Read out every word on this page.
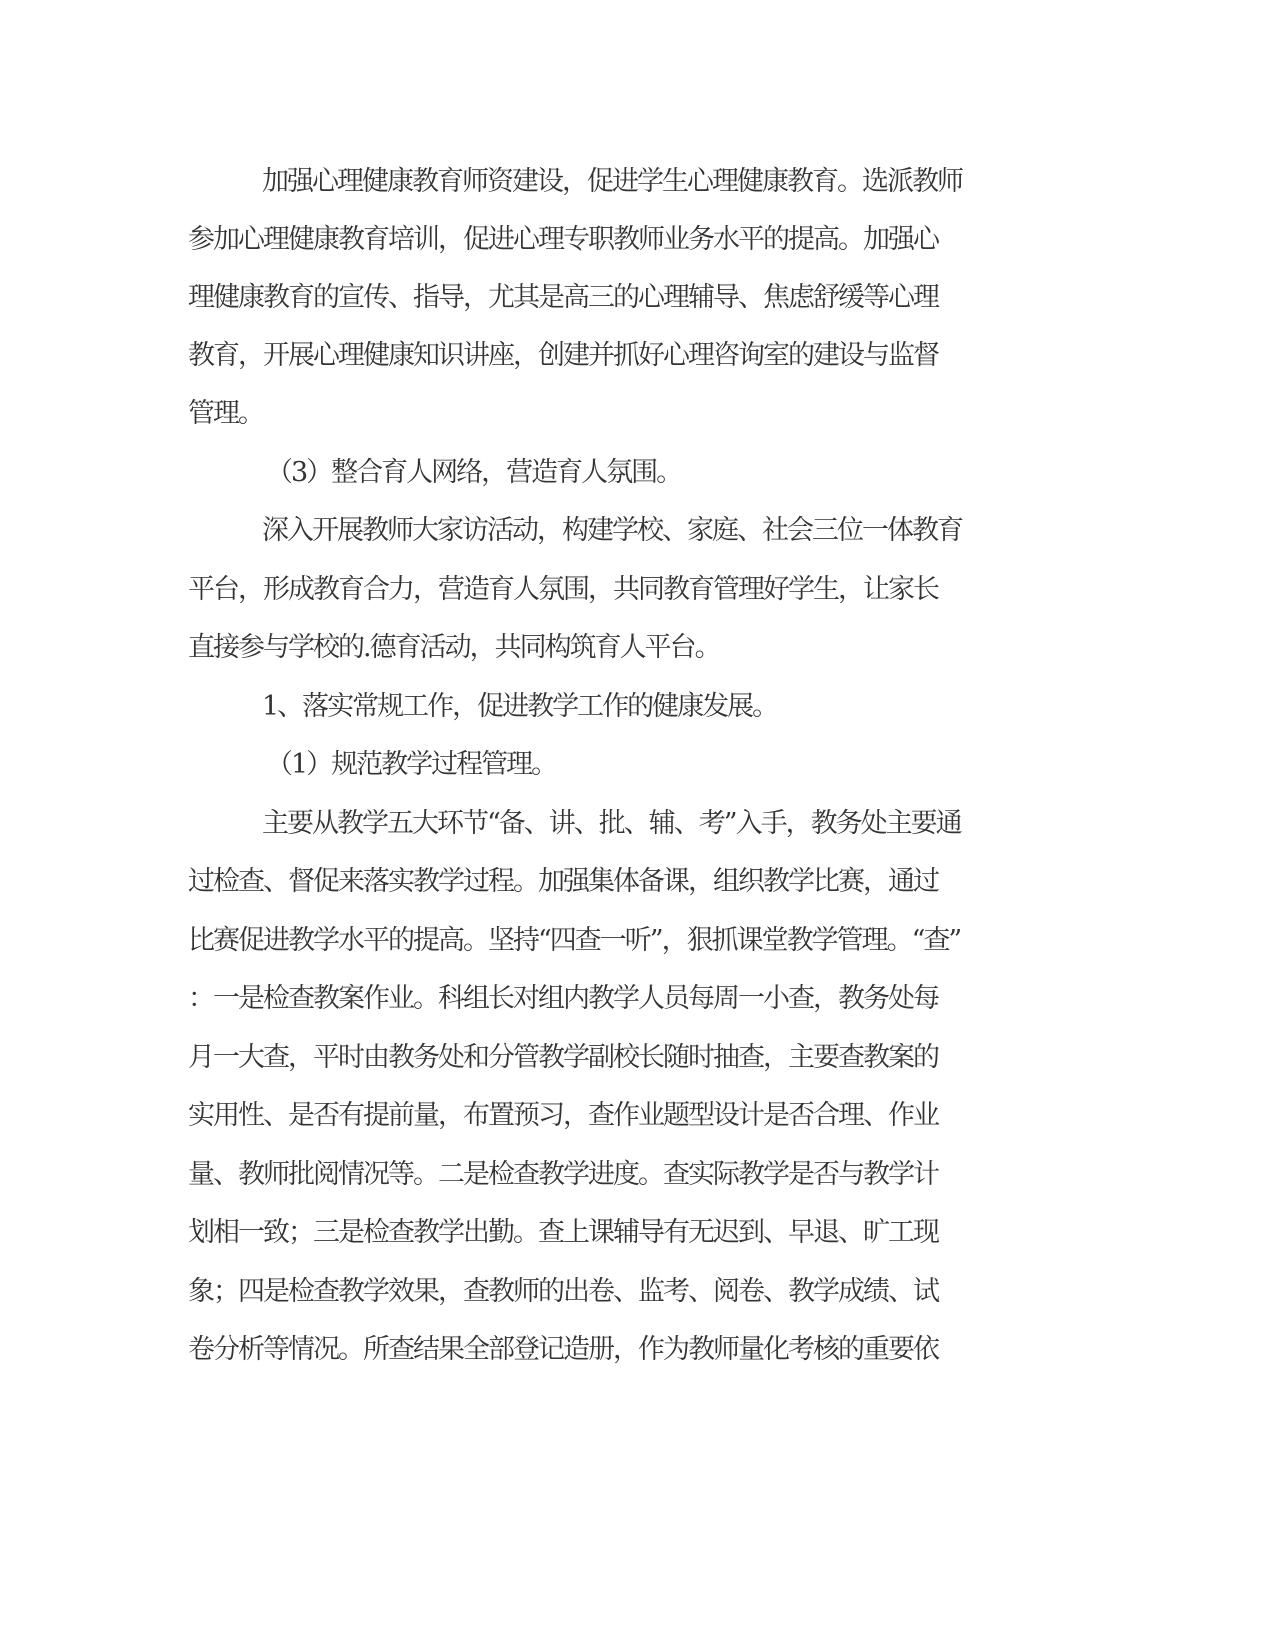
加强心理健康教育师资建设，促进学生心理健康教育。选派教师
参加心理健康教育培训，促进心理专职教师业务水平的提高。加强心
理健康教育的宣传、指导，尤其是高三的心理辅导、焦虑舒缓等心理
教育，开展心理健康知识讲座，创建并抓好心理咨询室的建设与监督
管理。
（3）整合育人网络，营造育人氛围。
深入开展教师大家访活动，构建学校、家庭、社会三位一体教育
平台，形成教育合力，营造育人氛围，共同教育管理好学生，让家长
直接参与学校的.德育活动，共同构筑育人平台。
1、落实常规工作，促进教学工作的健康发展。
（1）规范教学过程管理。
主要从教学五大环节“备、讲、批、辅、考”入手，教务处主要通
过检查、督促来落实教学过程。加强集体备课，组织教学比赛，通过
比赛促进教学水平的提高。坚持“四查一听”，狠抓课堂教学管理。“查”
：一是检查教案作业。科组长对组内教学人员每周一小查，教务处每
月一大查，平时由教务处和分管教学副校长随时抽查，主要查教案的
实用性、是否有提前量，布置预习，查作业题型设计是否合理、作业
量、教师批阅情况等。二是检查教学进度。查实际教学是否与教学计
划相一致；三是检查教学出勤。查上课辅导有无迟到、早退、旷工现
象；四是检查教学效果，查教师的出卷、监考、阅卷、教学成绩、试
卷分析等情况。所查结果全部登记造册，作为教师量化考核的重要依
